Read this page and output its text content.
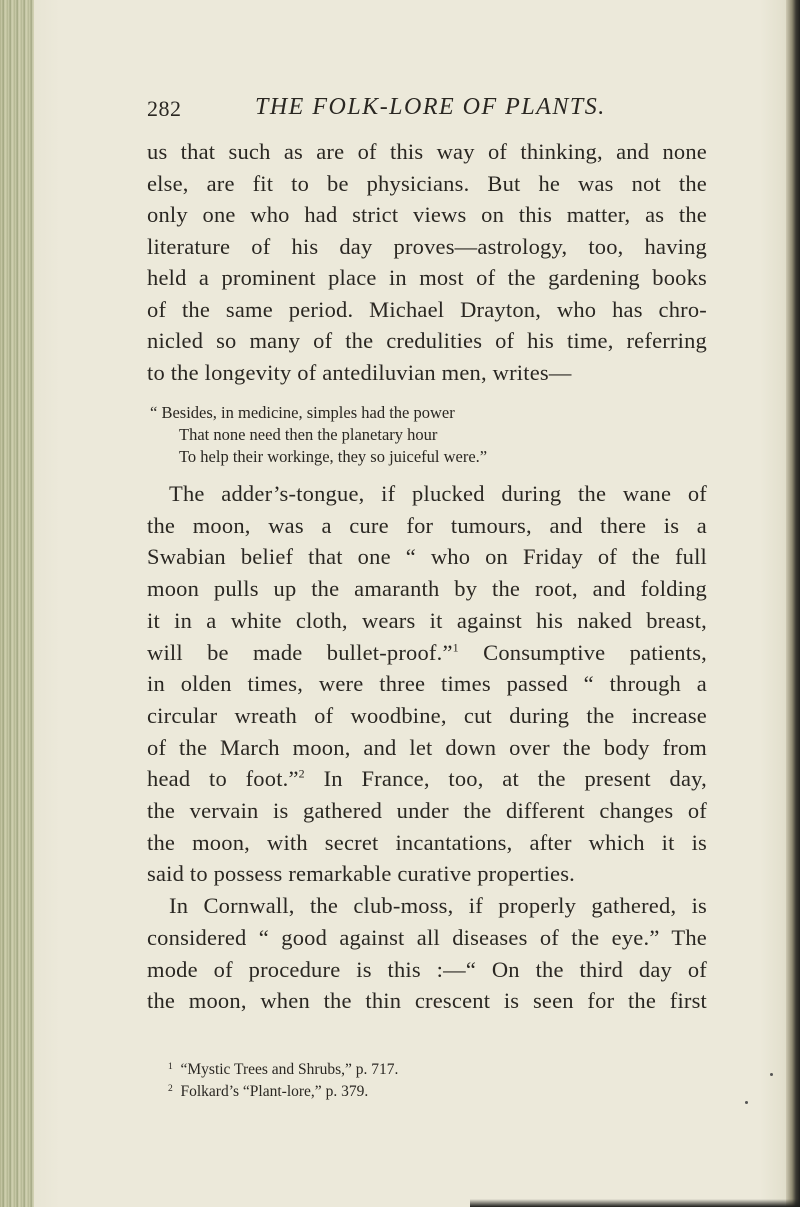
282	THE FOLK-LORE OF PLANTS.
us that such as are of this way of thinking, and none
else, are fit to be physicians. But he was not the
only one who had strict views on this matter, as the
literature of his day proves—astrology, too, having
held a prominent place in most of the gardening books
of the same period. Michael Drayton, who has chro-
nicled so many of the credulities of his time, referring
to the longevity of antediluvian men, writes—
“ Besides, in medicine, simples had the power
That none need then the planetary hour
To help their workinge, they so juiceful were.”
The adder’s-tongue, if plucked during the wane of
the moon, was a cure for tumours, and there is a
Swabian belief that one “ who on Friday of the full
moon pulls up the amaranth by the root, and folding
it in a white cloth, wears it against his naked breast,
will be made bullet-proof.”$^1$ Consumptive patients,
in olden times, were three times passed “ through a
circular wreath of woodbine, cut during the increase
of the March moon, and let down over the body from
head to foot.”$^2$ In France, too, at the present day,
the vervain is gathered under the different changes of
the moon, with secret incantations, after which it is
said to possess remarkable curative properties.
In Cornwall, the club-moss, if properly gathered, is
considered “ good against all diseases of the eye.” The
mode of procedure is this :—“ On the third day of
the moon, when the thin crescent is seen for the first
$^1$ “Mystic Trees and Shrubs,” p. 717.
$^2$ Folkard’s “Plant-lore,” p. 379.
